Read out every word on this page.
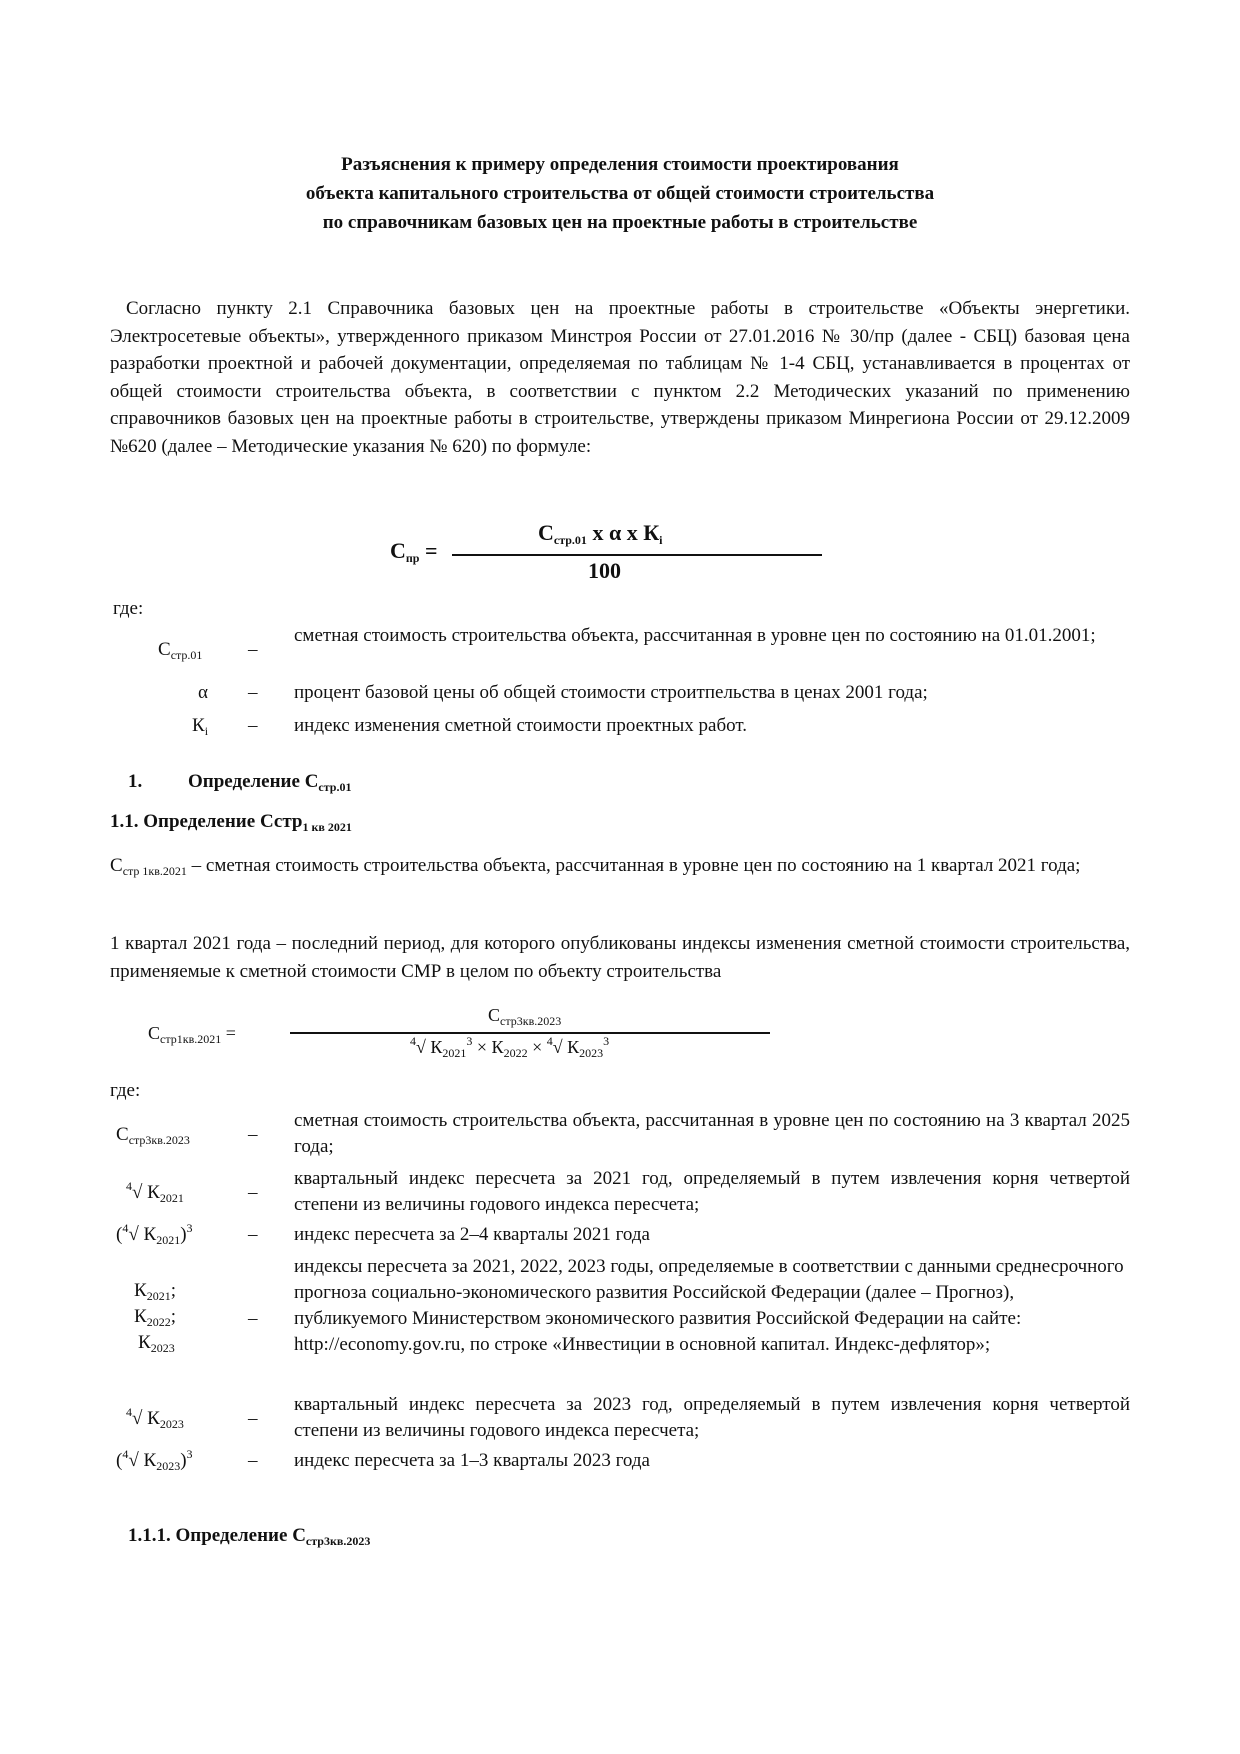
Разъяснения к примеру определения стоимости проектирования
объекта капитального строительства от общей стоимости строительства
по справочникам базовых цен на проектные работы в строительстве
Согласно пункту 2.1 Справочника базовых цен на проектные работы в строительстве «Объекты энергетики. Электросетевые объекты», утвержденного приказом Минстроя России от 27.01.2016 № 30/пр (далее - СБЦ) базовая цена разработки проектной и рабочей документации, определяемая по таблицам № 1-4 СБЦ, устанавливается в процентах от общей стоимости строительства объекта, в соответствии с пунктом 2.2 Методических указаний по применению справочников базовых цен на проектные работы в строительстве, утверждены приказом Минрегиона России от 29.12.2009 №620 (далее – Методические указания № 620) по формуле:
$С_{пр}$ =
$С_{стр.01}$ x α x $К_i$
100
где:
$С_{стр.01}$ –
сметная стоимость строительства объекта, рассчитанная в уровне цен по состоянию на 01.01.2001;
α – процент базовой цены об общей стоимости строитпельства в ценах 2001 года;
$К_i$ – индекс изменения сметной стоимости проектных работ.
1. Определение $С_{стр.01}$
1.1. Определение Сстр$_{1 кв 2021}$
$С_{стр 1кв.2021}$ – сметная стоимость строительства объекта, рассчитанная в уровне цен по состоянию на 1 квартал 2021 года;
1 квартал 2021 года – последний период, для которого опубликованы индексы изменения сметной стоимости строительства, применяемые к сметной стоимости СМР в целом по объекту строительства
$С_{стр1кв.2021}$ =
$С_{стр3кв.2023}$
$^4$√ $К_{2021}^3 \times К_{2022} \times ^4√$ $К_{2023}^3$
где:
$С_{стр3кв.2023}$	–
сметная стоимость строительства объекта, рассчитанная в уровне цен по состоянию на 3 квартал 2025 года;
$^4$√ $К_{2021}$	–
квартальный индекс пересчета за 2021 год, определяемый в путем извлечения корня четвертой степени из величины годового индекса пересчета;
($^4$√ $К_{2021})^3$	– индекс пересчета за 2–4 кварталы 2021 года
$К_{2021}$;
$К_{2022}$;
$К_{2023}$
–
индексы пересчета за 2021, 2022, 2023 годы, определяемые в соответствии с данными среднесрочного прогноза социально-экономического развития Российской Федерации (далее – Прогноз), публикуемого Министерством экономического развития Российской Федерации на сайте: http://economy.gov.ru, по строке «Инвестиции в основной капитал. Индекс-дефлятор»;
$^4$√ $К_{2023}$	–
квартальный индекс пересчета за 2023 год, определяемый в путем извлечения корня четвертой степени из величины годового индекса пересчета;
($^4$√ $К_{2023})^3$	– индекс пересчета за 1–3 кварталы 2023 года
1.1.1. Определение $С_{стр3кв.2023}$
